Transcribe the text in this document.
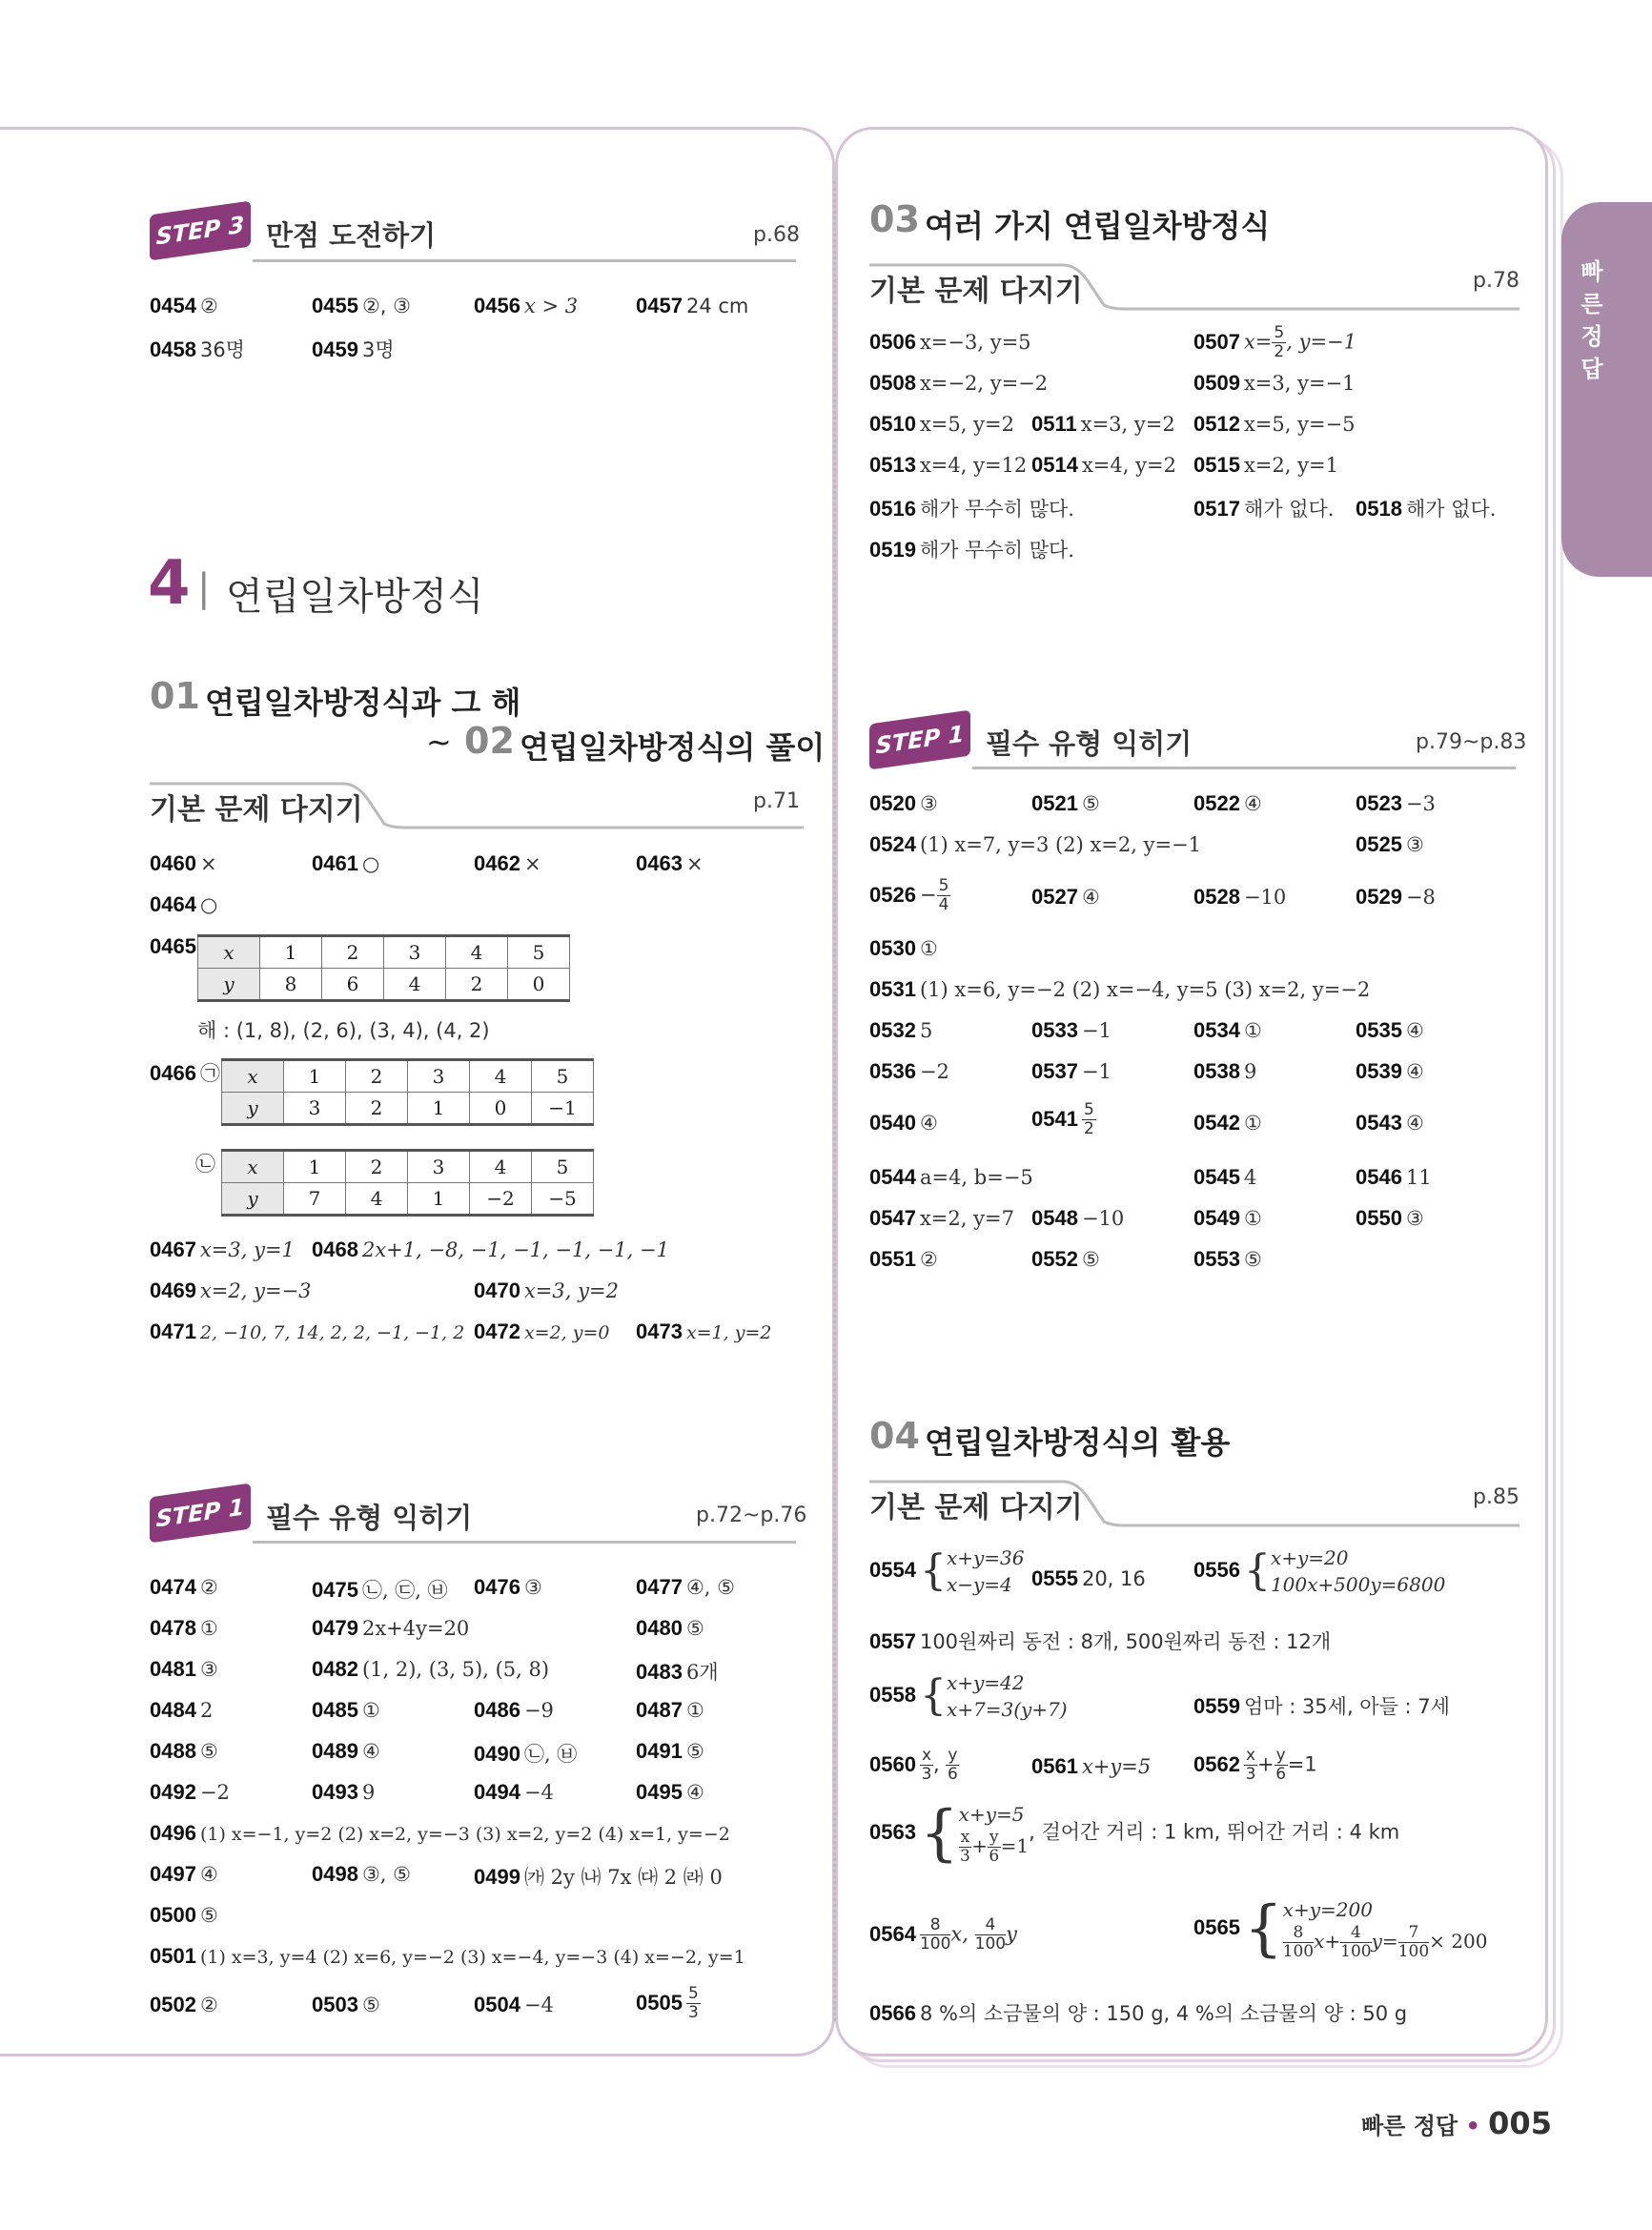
빠
른
정
답
STEP 3 만점 도전하기	p.68
0454 ②	0455 ②, ③	0456 x > 3	0457 24 cm
0458 36명	0459 3명
4 | 연립일차방정식
01 연립일차방정식과 그 해
~ 02 연립일차방정식의 풀이
기본 문제 다지기	p.71
0460 ×	0461 ○	0462 ×	0463 ×
0464 ○
0465 x	1	2	3	4	5
y	8	6	4	2	0
해 : (1, 8), (2, 6), (3, 4), (4, 2)
0466 ㉠ x	1	2	3	4	5
y	3	2	1	0	−1
㉡ x	1	2	3	4	5
y	7	4	1	−2	−5
0467 x=3, y=1 0468 2x+1, −8, −1, −1, −1, −1, −1
0469 x=2, y=−3	0470 x=3, y=2
0471 2, −10, 7, 14, 2, 2, −1, −1, 2 0472 x=2, y=0 0473 x=1, y=2
STEP 1 필수 유형 익히기	p.72~p.76
0474 ②	0475 ㉡, ㉢, ㉥ 0476 ③	0477 ④, ⑤
0478 ①	0479 2x+4y=20	0480 ⑤
0481 ③	0482 (1, 2), (3, 5), (5, 8)	0483 6개
0484 2	0485 ①	0486 −9	0487 ①
0488 ⑤	0489 ④	0490 ㉡, ㉥	0491 ⑤
0492 −2	0493 9	0494 −4	0495 ④
0496 (1) x=−1, y=2 (2) x=2, y=−3 (3) x=2, y=2 (4) x=1, y=−2
0497 ④	0498 ③, ⑤	0499 ㈎ 2y ㈏ 7x ㈐ 2 ㈑ 0
0500 ⑤
0501 (1) x=3, y=4 (2) x=6, y=−2 (3) x=−4, y=−3 (4) x=−2, y=1
0502 ②	0503 ⑤	0504 −4	$0505 \frac{5}{3}$
03 여러 가지 연립일차방정식
기본 문제 다지기	p.78
0506 x=−3, y=5	0507 $x= \frac{5}{2}$ , y=−1
0508 x=−2, y=−2	0509 x=3, y=−1
0510 x=5, y=2 0511 x=3, y=2 0512 x=5, y=−5
0513 x=4, y=12 0514 x=4, y=2 0515 x=2, y=1
0516 해가 무수히 많다.	0517 해가 없다. 0518 해가 없다.
0519 해가 무수히 많다.
STEP 1 필수 유형 익히기	p.79~p.83
0520 ③	0521 ⑤	0522 ④	0523 −3
0524 (1) x=7, y=3 (2) x=2, y=−1	0525 ③
$0526 - \frac{5}{4}$	0527 ④	0528 −10	0529 −8
0530 ①
0531 (1) x=6, y=−2 (2) x=−4, y=5 (3) x=2, y=−2
0532 5	0533 −1	0534 ①	0535 ④
0536 −2	0537 −1	0538 9	0539 ④
0540 ④	$0541 \frac{5}{2}$	0542 ①	0543 ④
0544 a=4, b=−5	0545 4	0546 11
0547 x=2, y=7 0548 −10	0549 ①	0550 ③
0551 ②	0552 ⑤	0553 ⑤
04 연립일차방정식의 활용
기본 문제 다지기	p.85
0554{x+y=36
x−y=4 0555 20, 16 0556{x+y=20
100x+500y=6800
0557 100원짜리 동전 : 8개, 500원짜리 동전 : 12개
0558{x+y=42
x+7=3(y+7)	0559 엄마 : 35세, 아들 : 7세
$0560 \frac{x}{3}$ , $\frac{y}{6}$	0561 x+y=5 $0562 \frac{x}{3} + \frac{y}{6} =1$
0563{x+y=5

$\frac{x}{3} + \frac{y}{6} =1$, 걸어간 거리 : 1 km, 뛰어간 거리 : 4 km
$0564 \frac{8}{100} x$, $\frac{4}{100}$ y	0565{x+y=200

$\frac{8}{100} x+ \frac{4}{100} y= \frac{7}{100} \times 200$
0566 8 %의 소금물의 양 : 150 g, 4 %의 소금물의 양 : 50 g
빠른 정답 • 005
